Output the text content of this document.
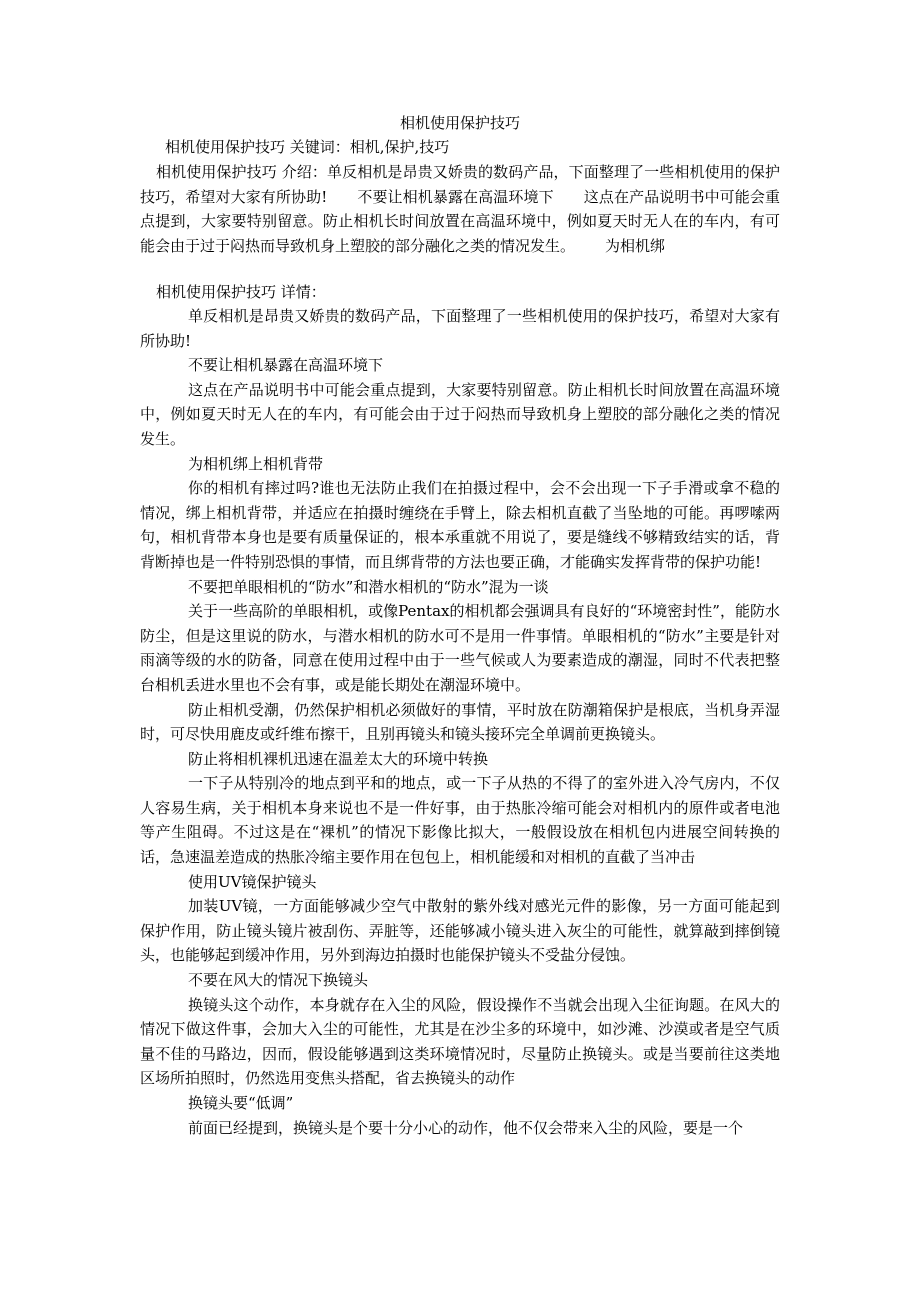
相机使用保护技巧
相机使用保护技巧 关键词：相机,保护,技巧
相机使用保护技巧 介绍：单反相机是昂贵又娇贵的数码产品，下面整理了一些相机使用的保护技巧，希望对大家有所协助! 不要让相机暴露在高温环境下 这点在产品说明书中可能会重点提到，大家要特别留意。防止相机长时间放置在高温环境中，例如夏天时无人在的车内，有可能会由于过于闷热而导致机身上塑胶的部分融化之类的情况发生。 为相机绑
相机使用保护技巧 详情：

单反相机是昂贵又娇贵的数码产品，下面整理了一些相机使用的保护技巧，希望对大家有所协助!

不要让相机暴露在高温环境下

这点在产品说明书中可能会重点提到，大家要特别留意。防止相机长时间放置在高温环境中，例如夏天时无人在的车内，有可能会由于过于闷热而导致机身上塑胶的部分融化之类的情况发生。

为相机绑上相机背带

你的相机有摔过吗?谁也无法防止我们在拍摄过程中，会不会出现一下子手滑或拿不稳的情况，绑上相机背带，并适应在拍摄时缠绕在手臂上，除去相机直截了当坠地的可能。再啰嗦两句，相机背带本身也是要有质量保证的，根本承重就不用说了，要是缝线不够精致结实的话，背背断掉也是一件特别恐惧的事情，而且绑背带的方法也要正确，才能确实发挥背带的保护功能!

不要把单眼相机的“防水”和潜水相机的“防水”混为一谈

关于一些高阶的单眼相机，或像Pentax的相机都会强调具有良好的“环境密封性”，能防水防尘，但是这里说的防水，与潜水相机的防水可不是用一件事情。单眼相机的“防水”主要是针对雨滴等级的水的防备，同意在使用过程中由于一些气候或人为要素造成的潮湿，同时不代表把整台相机丢进水里也不会有事，或是能长期处在潮湿环境中。

防止相机受潮，仍然保护相机必须做好的事情，平时放在防潮箱保护是根底，当机身弄湿时，可尽快用鹿皮或纤维布擦干，且别再镜头和镜头接环完全单调前更换镜头。

防止将相机裸机迅速在温差太大的环境中转换

一下子从特别冷的地点到平和的地点，或一下子从热的不得了的室外进入冷气房内，不仅人容易生病，关于相机本身来说也不是一件好事，由于热胀冷缩可能会对相机内的原件或者电池等产生阻碍。不过这是在“裸机”的情况下影像比拟大，一般假设放在相机包内进展空间转换的话，急速温差造成的热胀冷缩主要作用在包包上，相机能缓和对相机的直截了当冲击

使用UV镜保护镜头

加装UV镜，一方面能够减少空气中散射的紫外线对感光元件的影像，另一方面可能起到保护作用，防止镜头镜片被刮伤、弄脏等，还能够减小镜头进入灰尘的可能性，就算敲到摔倒镜头，也能够起到缓冲作用，另外到海边拍摄时也能保护镜头不受盐分侵蚀。

不要在风大的情况下换镜头

换镜头这个动作，本身就存在入尘的风险，假设操作不当就会出现入尘征询题。在风大的情况下做这件事，会加大入尘的可能性，尤其是在沙尘多的环境中，如沙滩、沙漠或者是空气质量不佳的马路边，因而，假设能够遇到这类环境情况时，尽量防止换镜头。或是当要前往这类地区场所拍照时，仍然选用变焦头搭配，省去换镜头的动作

换镜头要“低调”

前面已经提到，换镜头是个要十分小心的动作，他不仅会带来入尘的风险，要是一个
